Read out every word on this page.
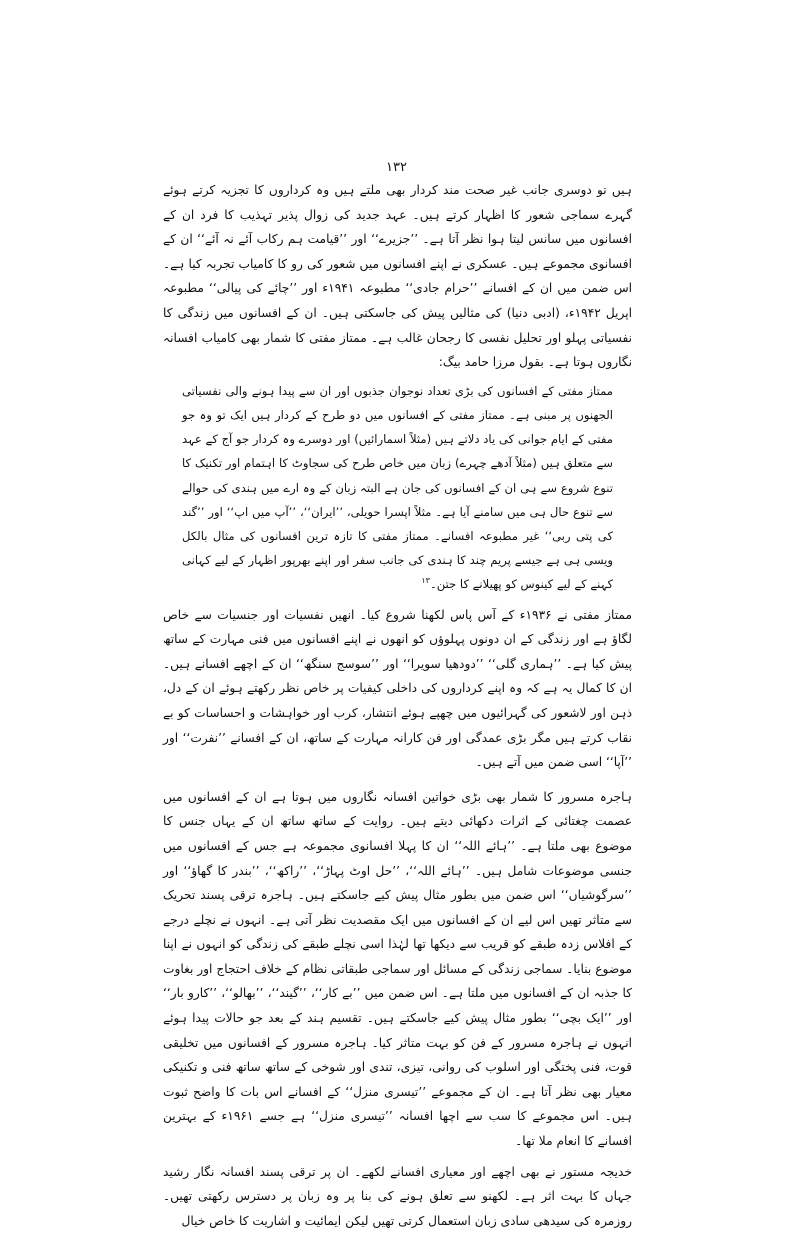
١٣٢

ہیں تو دوسری جانب غیر صحت مند کردار بھی ملتے ہیں وہ کرداروں کا تجزیہ کرتے ہوئے گہرے سماجی شعور کا اظہار کرتے ہیں۔ عہد جدید کی زوال پذیر تہذیب کا فرد ان کے افسانوں میں سانس لیتا ہوا نظر آتا ہے۔ ’’جزیرے‘‘ اور ’’قیامت ہم رکاب آئے نہ آئے‘‘ ان کے افسانوی مجموعے ہیں۔ عسکری نے اپنے افسانوں میں شعور کی رو کا کامیاب تجربہ کیا ہے۔ اس ضمن میں ان کے افسانے ’’حرام جادی‘‘ مطبوعہ ۱۹۴۱ء اور ’’چائے کی پیالی‘‘ مطبوعہ اپریل ۱۹۴۲ء، (ادبی دنیا) کی مثالیں پیش کی جاسکتی ہیں۔ ان کے افسانوں میں زندگی کا نفسیاتی پہلو اور تحلیل نفسی کا رجحان غالب ہے۔ ممتاز مفتی کا شمار بھی کامیاب افسانہ نگاروں ہوتا ہے۔ بقول مرزا حامد بیگ:

ممتاز مفتی کے افسانوں کی بڑی تعداد نوجوان جذبوں اور ان سے پیدا ہونے والی نفسیاتی الجھنوں پر مبنی ہے۔ ممتاز مفتی کے افسانوں میں دو طرح کے کردار ہیں ایک تو وہ جو مفتی کے ایام جوانی کی یاد دلاتے ہیں (مثلاً اسمارائیں) اور دوسرے وہ کردار جو آج کے عہد سے متعلق ہیں (مثلاً آدھے چہرے) زبان میں خاص طرح کی سجاوٹ کا اہتمام اور تکنیک کا تنوع شروع سے ہی ان کے افسانوں کی جان ہے البتہ زبان کے وہ ارے میں ہندی کی حوالے سے تنوع حال ہی میں سامنے آیا ہے۔ مثلاً اپسرا حویلی، ’’ایران‘‘، ’’آپ میں اپ‘‘ اور ’’گند کی پتی ربی‘‘ غیر مطبوعہ افسانے۔ ممتاز مفتی کا تازہ ترین افسانوں کی مثال بالکل ویسی ہی ہے جیسے پریم چند کا ہندی کی جانب سفر اور اپنے بھرپور اظہار کے لیے کہانی کہنے کے لیے کینوس کو پھیلانے کا جتن۔$^{۱۳}$

ممتاز مفتی نے ۱۹۳۶ء کے آس پاس لکھنا شروع کیا۔ انھیں نفسیات اور جنسیات سے خاص لگاؤ ہے اور زندگی کے ان دونوں پہلوؤں کو انھوں نے اپنے افسانوں میں فنی مہارت کے ساتھ پیش کیا ہے۔ ’’ہماری گلی‘‘ ’’دودھیا سویرا‘‘ اور ’’سوسج سنگھ‘‘ ان کے اچھے افسانے ہیں۔ ان کا کمال یہ ہے کہ وہ اپنے کرداروں کی داخلی کیفیات پر خاص نظر رکھتے ہوئے ان کے دل، ذہن اور لاشعور کی گہرائیوں میں چھپے ہوئے انتشار، کرب اور خواہشات و احساسات کو بے نقاب کرتے ہیں مگر بڑی عمدگی اور فن کارانہ مہارت کے ساتھ، ان کے افسانے ’’نفرت‘‘ اور ’’آپا‘‘ اسی ضمن میں آتے ہیں۔

ہاجرہ مسرور کا شمار بھی بڑی خواتین افسانہ نگاروں میں ہوتا ہے ان کے افسانوں میں عصمت چغتائی کے اثرات دکھائی دیتے ہیں۔ روایت کے ساتھ ساتھ ان کے یہاں جنس کا موضوع بھی ملتا ہے۔ ’’ہائے اللہ‘‘ ان کا پہلا افسانوی مجموعہ ہے جس کے افسانوں میں جنسی موضوعات شامل ہیں۔ ’’ہائے اللہ‘‘، ’’حل اوٹ پہاڑ‘‘، ’’راکھ‘‘، ’’بندر کا گھاؤ‘‘ اور ’’سرگوشیاں‘‘ اس ضمن میں بطور مثال پیش کیے جاسکتے ہیں۔ ہاجرہ ترقی پسند تحریک سے متاثر تھیں اس لیے ان کے افسانوں میں ایک مقصدیت نظر آتی ہے۔ انہوں نے نچلے درجے کے افلاس زدہ طبقے کو قریب سے دیکھا تھا لہٰذا اسی نچلے طبقے کی زندگی کو انہوں نے اپنا موضوع بنایا۔ سماجی زندگی کے مسائل اور سماجی طبقاتی نظام کے خلاف احتجاج اور بغاوت کا جذبہ ان کے افسانوں میں ملتا ہے۔ اس ضمن میں ’’بے کار‘‘، ’’گیند‘‘، ’’بھالو‘‘، ’’کارو بار‘‘ اور ’’ایک بچی‘‘ بطور مثال پیش کیے جاسکتے ہیں۔ تقسیم ہند کے بعد جو حالات پیدا ہوئے انہوں نے ہاجرہ مسرور کے فن کو بہت متاثر کیا۔ ہاجرہ مسرور کے افسانوں میں تخلیقی قوت، فنی پختگی اور اسلوب کی روانی، تیزی، تندی اور شوخی کے ساتھ ساتھ فنی و تکنیکی معیار بھی نظر آتا ہے۔ ان کے مجموعے ’’تیسری منزل‘‘ کے افسانے اس بات کا واضح ثبوت ہیں۔ اس مجموعے کا سب سے اچھا افسانہ ’’تیسری منزل‘‘ ہے جسے ۱۹۶۱ء کے بہترین افسانے کا انعام ملا تھا۔

خدیجہ مستور نے بھی اچھے اور معیاری افسانے لکھے۔ ان پر ترقی پسند افسانہ نگار رشید جہاں کا بہت اثر ہے۔ لکھنو سے تعلق ہونے کی بنا پر وہ زبان پر دسترس رکھتی تھیں۔ روزمرہ کی سیدھی سادی زبان استعمال کرتی تھیں لیکن ایمائیت و اشاریت کا خاص خیال
